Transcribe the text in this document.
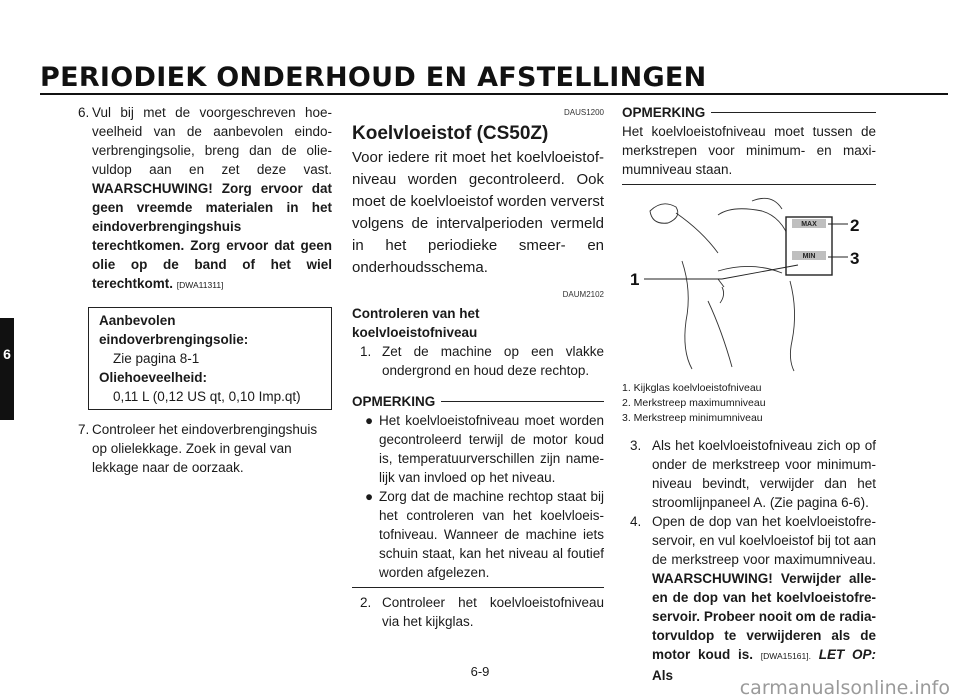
PERIODIEK ONDERHOUD EN AFSTELLINGEN
6
6. Vul bij met de voorgeschreven hoeveelheid van de aanbevolen eindoverbrengingsolie, breng dan de olievuldop aan en zet deze vast. WAARSCHUWING! Zorg ervoor dat geen vreemde materialen in het eindoverbrengingshuis terechtkomen. Zorg ervoor dat geen olie op de band of het wiel terechtkomt. [DWA11311]
Aanbevolen eindoverbrengingsolie:
Zie pagina 8-1
Oliehoeveelheid:
0,11 L (0,12 US qt, 0,10 Imp.qt)
7. Controleer het eindoverbrengingshuis op olielekkage. Zoek in geval van lekkage naar de oorzaak.
DAUS1200
Koelvloeistof (CS50Z)
Voor iedere rit moet het koelvloeistofniveau worden gecontroleerd. Ook moet de koelvloeistof worden ververst volgens de intervalperioden vermeld in het periodieke smeer- en onderhoudsschema.
DAUM2102
Controleren van het koelvloeistofniveau
1. Zet de machine op een vlakke ondergrond en houd deze rechtop.
OPMERKING
● Het koelvloeistofniveau moet worden gecontroleerd terwijl de motor koud is, temperatuurverschillen zijn namelijk van invloed op het niveau.
● Zorg dat de machine rechtop staat bij het controleren van het koelvloeistofniveau. Wanneer de machine iets schuin staat, kan het niveau al foutief worden afgelezen.
2. Controleer het koelvloeistofniveau via het kijkglas.
OPMERKING
Het koelvloeistofniveau moet tussen de merkstrepen voor minimum- en maximumniveau staan.
MAX
MIN
1
2
3
1. Kijkglas koelvloeistofniveau
2. Merkstreep maximumniveau
3. Merkstreep minimumniveau
3. Als het koelvloeistofniveau zich op of onder de merkstreep voor minimumniveau bevindt, verwijder dan het stroomlijnpaneel A. (Zie pagina 6-6).
4. Open de dop van het koelvloeistofreservoir, en vul koelvloeistof bij tot aan de merkstreep voor maximumniveau. WAARSCHUWING! Verwijder alleen de dop van het koelvloeistofreservoir. Probeer nooit om de radiatorvuldop te verwijderen als de motor koud is. [DWA15161]. LET OP: Als
6-9
carmanualsonline.info
